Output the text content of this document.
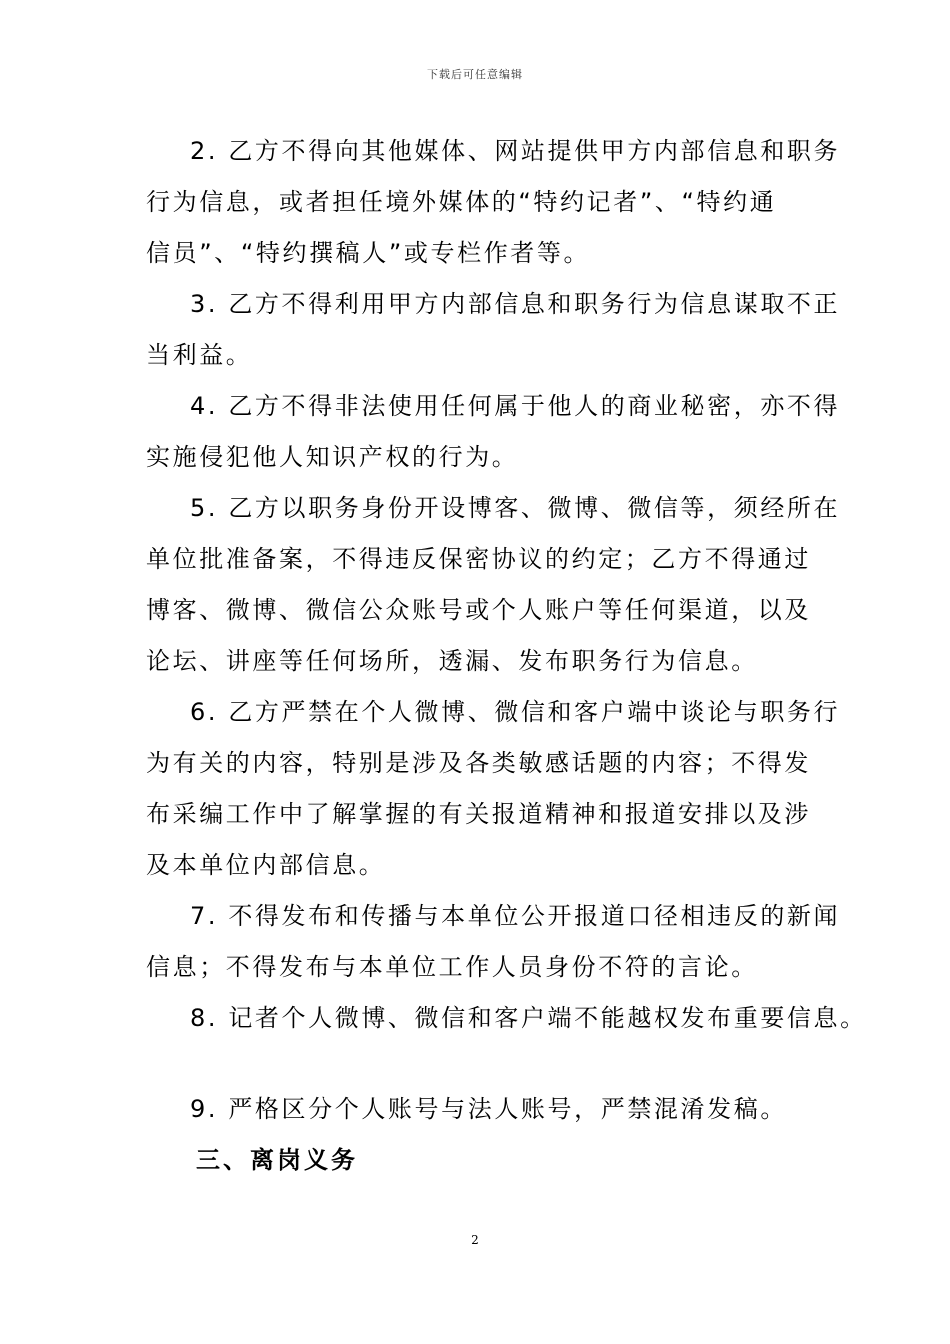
下载后可任意编辑
2. 乙方不得向其他媒体、网站提供甲方内部信息和职务
行为信息，或者担任境外媒体的“特约记者”、“特约通
信员”、“特约撰稿人”或专栏作者等。
3. 乙方不得利用甲方内部信息和职务行为信息谋取不正
当利益。
4. 乙方不得非法使用任何属于他人的商业秘密，亦不得
实施侵犯他人知识产权的行为。
5. 乙方以职务身份开设博客、微博、微信等，须经所在
单位批准备案，不得违反保密协议的约定；乙方不得通过
博客、微博、微信公众账号或个人账户等任何渠道，以及
论坛、讲座等任何场所，透漏、发布职务行为信息。
6. 乙方严禁在个人微博、微信和客户端中谈论与职务行
为有关的内容，特别是涉及各类敏感话题的内容；不得发
布采编工作中了解掌握的有关报道精神和报道安排以及涉
及本单位内部信息。
7. 不得发布和传播与本单位公开报道口径相违反的新闻
信息；不得发布与本单位工作人员身份不符的言论。
8. 记者个人微博、微信和客户端不能越权发布重要信息。
9. 严格区分个人账号与法人账号，严禁混淆发稿。
三、离岗义务
2
